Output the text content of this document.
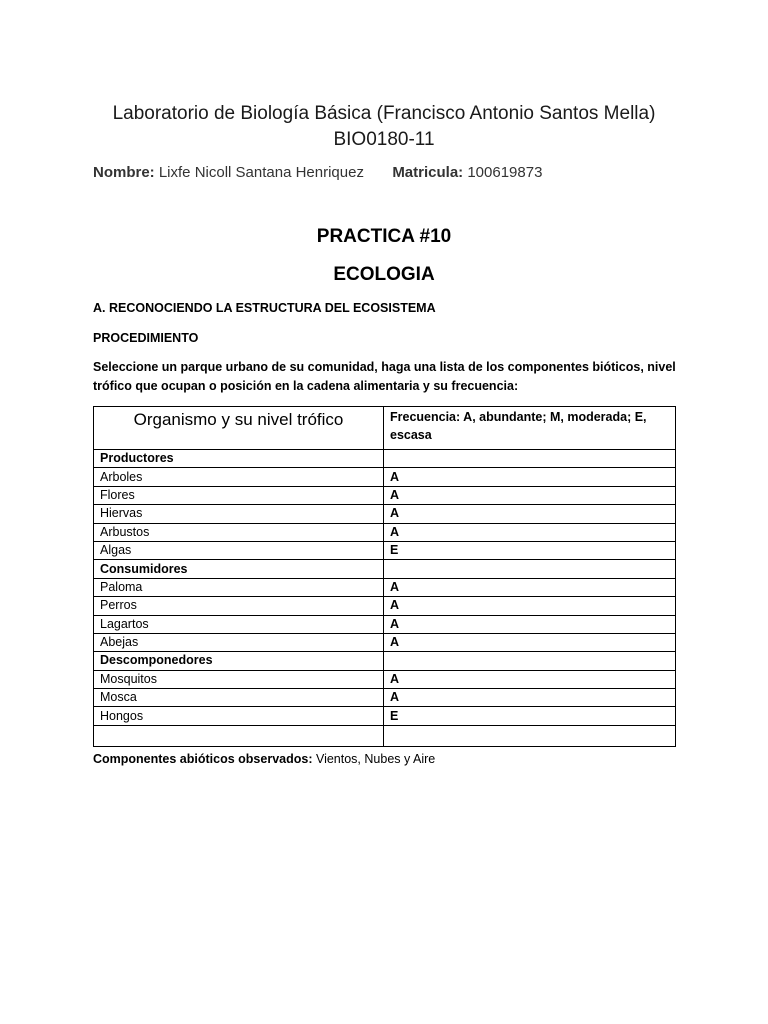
Laboratorio de Biología Básica (Francisco Antonio Santos Mella)
BIO0180-11
Nombre: Lixfe Nicoll Santana Henriquez Matricula: 100619873
PRACTICA #10
ECOLOGIA
A. RECONOCIENDO LA ESTRUCTURA DEL ECOSISTEMA
PROCEDIMIENTO
Seleccione un parque urbano de su comunidad, haga una lista de los componentes bióticos, nivel trófico que ocupan o posición en la cadena alimentaria y su frecuencia:
Organismo y su nivel trófico	Frecuencia: A, abundante; M, moderada; E, escasa
Productores	
Arboles	A
Flores	A
Hiervas	A
Arbustos	A
Algas	E
Consumidores	
Paloma	A
Perros	A
Lagartos	A
Abejas	A
Descomponedores	
Mosquitos	A
Mosca	A
Hongos	E

Componentes abióticos observados: Vientos, Nubes y Aire
